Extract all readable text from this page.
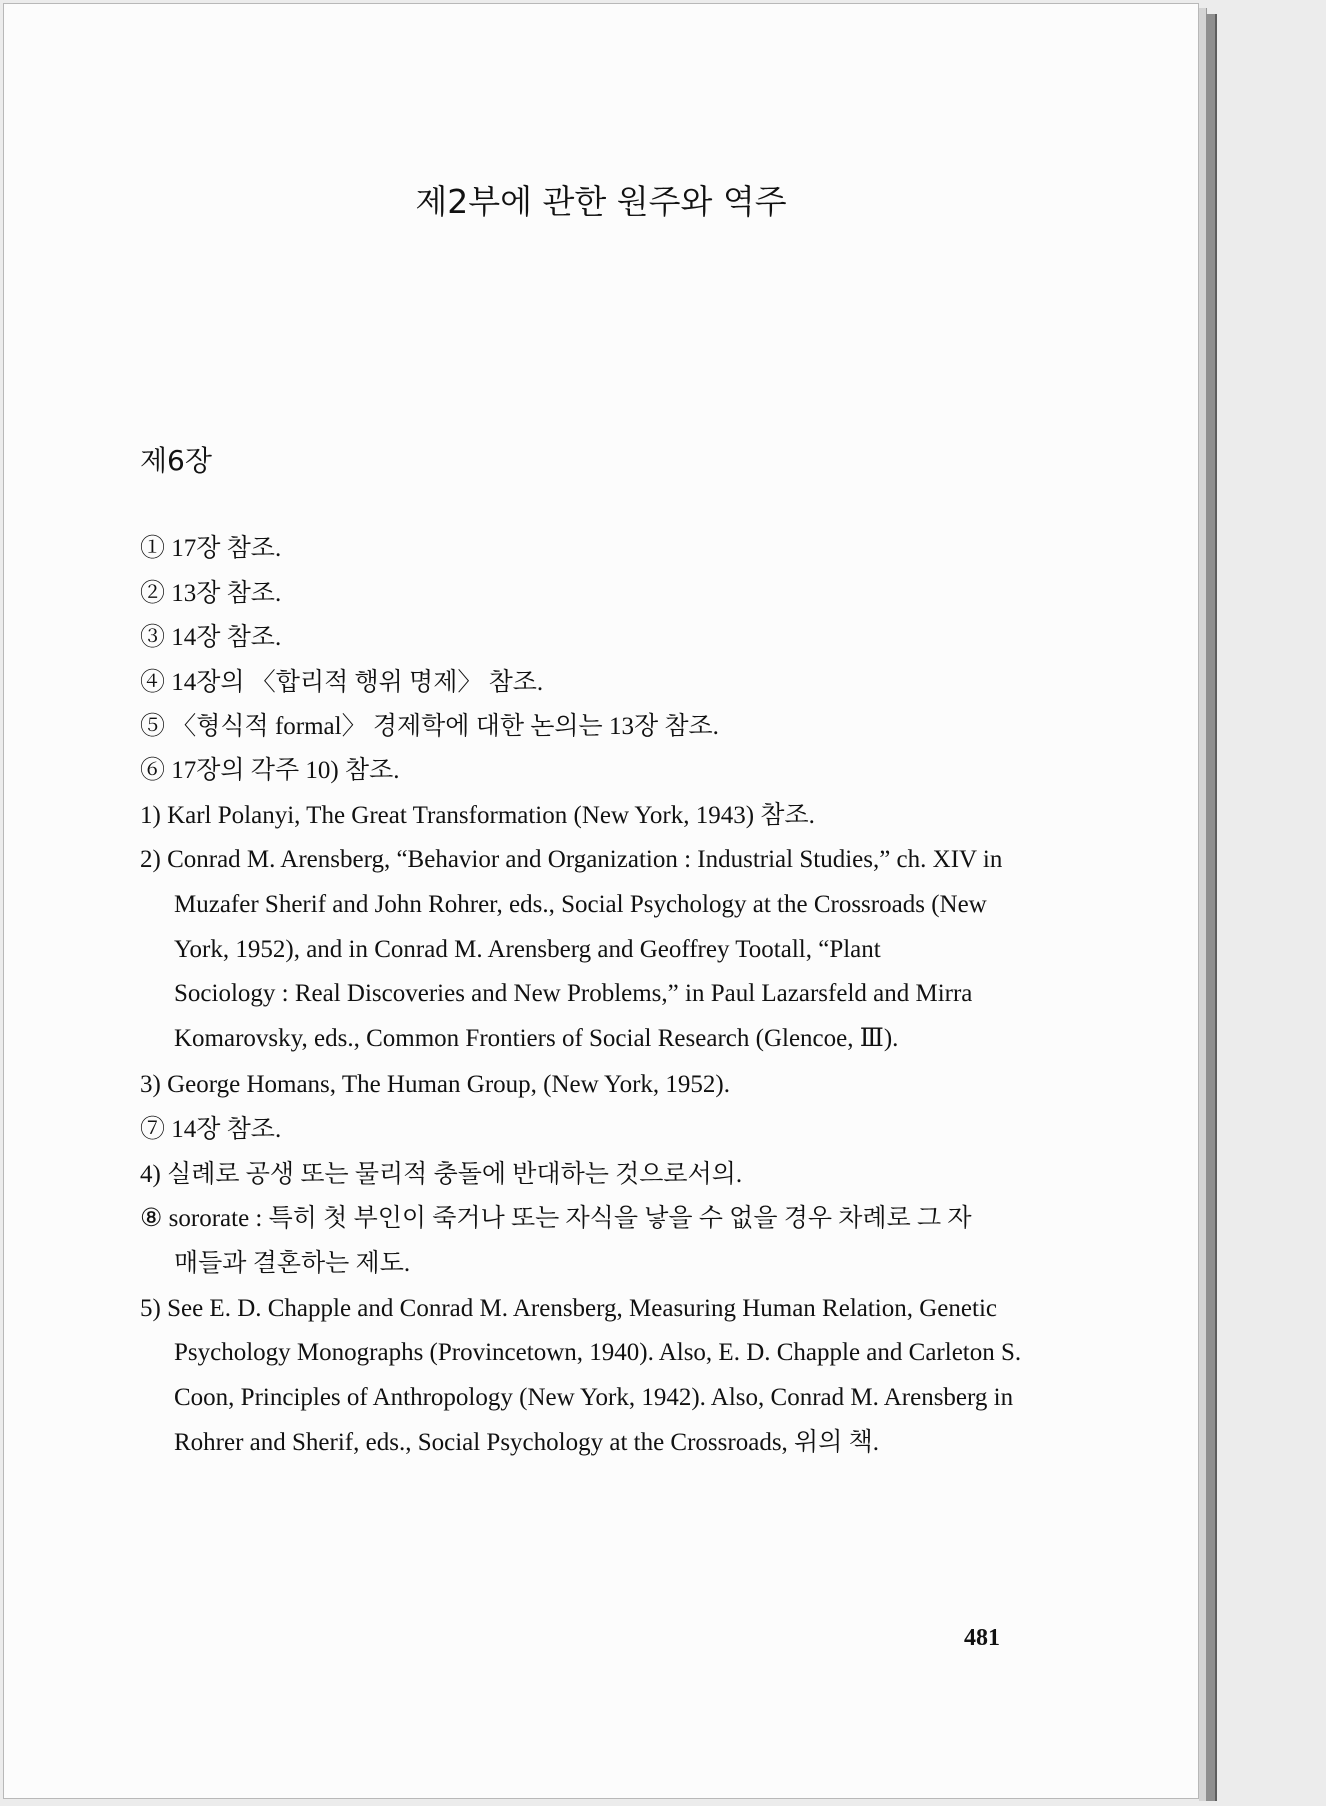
제2부에 관한 원주와 역주
제6장
① 17장 참조.
② 13장 참조.
③ 14장 참조.
④ 14장의 〈합리적 행위 명제〉 참조.
⑤ 〈형식적 formal〉 경제학에 대한 논의는 13장 참조.
⑥ 17장의 각주 10) 참조.
1) Karl Polanyi, The Great Transformation (New York, 1943) 참조.
2) Conrad M. Arensberg, “Behavior and Organization : Industrial Studies,” ch. XIV in
Muzafer Sherif and John Rohrer, eds., Social Psychology at the Crossroads (New
York, 1952), and in Conrad M. Arensberg and Geoffrey Tootall, “Plant
Sociology : Real Discoveries and New Problems,” in Paul Lazarsfeld and Mirra
Komarovsky, eds., Common Frontiers of Social Research (Glencoe, Ⅲ).
3) George Homans, The Human Group, (New York, 1952).
⑦ 14장 참조.
4) 실례로 공생 또는 물리적 충돌에 반대하는 것으로서의.
⑧ sororate : 특히 첫 부인이 죽거나 또는 자식을 낳을 수 없을 경우 차례로 그 자
매들과 결혼하는 제도.
5) See E. D. Chapple and Conrad M. Arensberg, Measuring Human Relation, Genetic
Psychology Monographs (Provincetown, 1940). Also, E. D. Chapple and Carleton S.
Coon, Principles of Anthropology (New York, 1942). Also, Conrad M. Arensberg in
Rohrer and Sherif, eds., Social Psychology at the Crossroads, 위의 책.
481
